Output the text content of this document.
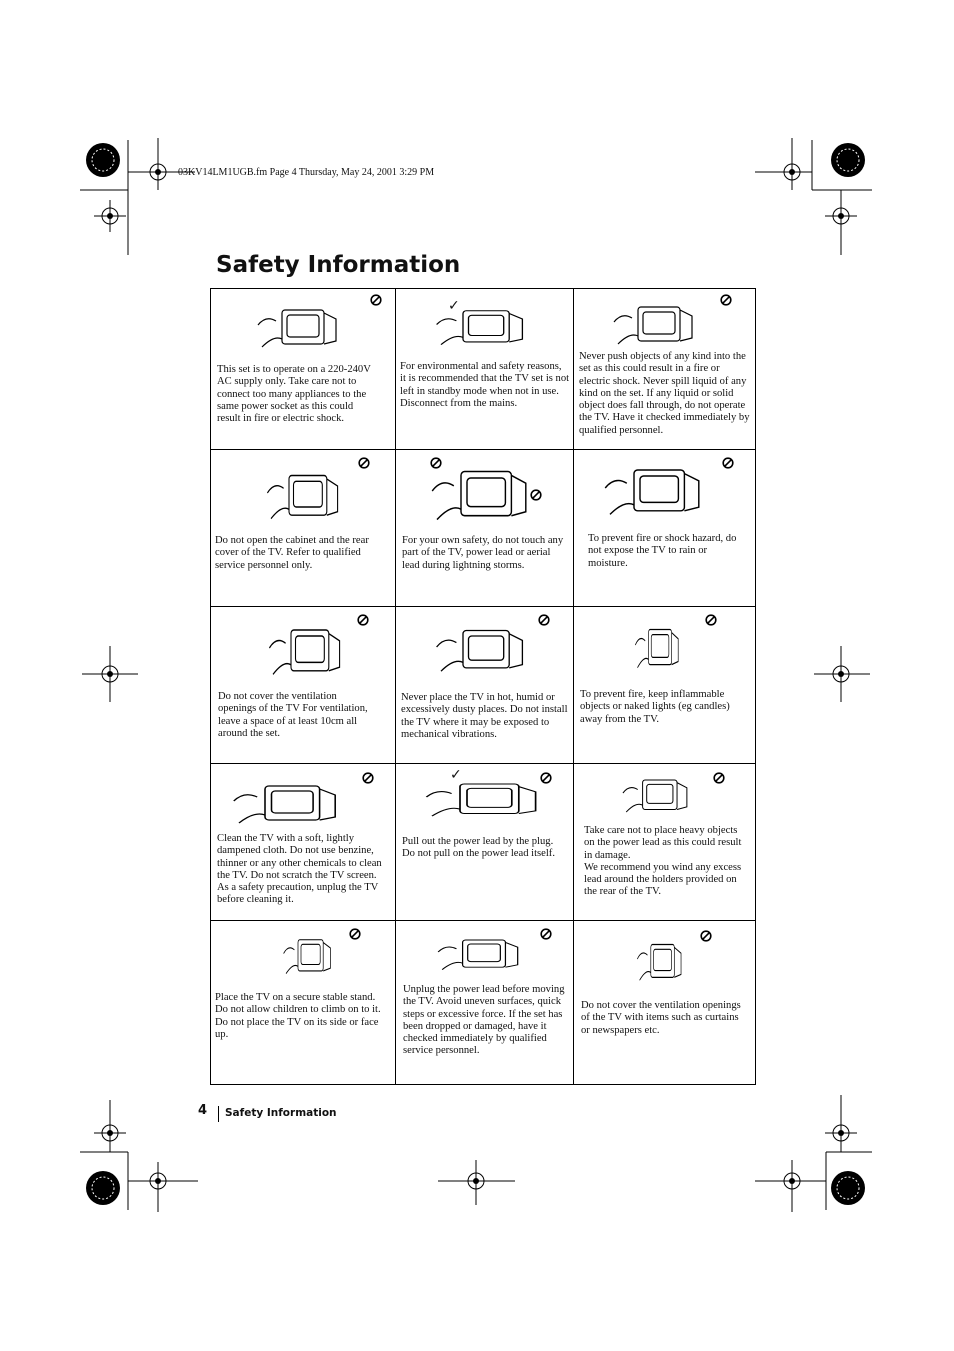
03KV14LM1UGB.fm Page 4 Thursday, May 24, 2001 3:29 PM
Safety Information
This set is to operate on a 220-240V AC supply only. Take care not to connect too many appliances to the same power socket as this could result in fire or electric shock.
✓
For environmental and safety reasons, it is recommended that the TV set is not left in standby mode when not in use. Disconnect from the mains.
Never push objects of any kind into the set as this could result in a fire or electric shock. Never spill liquid of any kind on the set. If any liquid or solid object does fall through, do not operate the TV. Have it checked immediately by qualified personnel.
Do not open the cabinet and the rear cover of the TV. Refer to qualified service personnel only.
For your own safety, do not touch any part of the TV, power lead or aerial lead during lightning storms.
To prevent fire or shock hazard, do not expose the TV to rain or moisture.
Do not cover the ventilation openings of the TV For ventilation, leave a space of at least 10cm all around the set.
Never place the TV in hot, humid or excessively dusty places. Do not install the TV where it may be exposed to mechanical vibrations.
To prevent fire, keep inflammable objects or naked lights (eg candles) away from the TV.
Clean the TV with a soft, lightly dampened cloth. Do not use benzine, thinner or any other chemicals to clean the TV. Do not scratch the TV screen. As a safety precaution, unplug the TV before cleaning it.
✓
Pull out the power lead by the plug. Do not pull on the power lead itself.
Take care not to place heavy objects on the power lead as this could result in damage.
We recommend you wind any excess lead around the holders provided on the rear of the TV.
Place the TV on a secure stable stand. Do not allow children to climb on to it. Do not place the TV on its side or face up.
Unplug the power lead before moving the TV. Avoid uneven surfaces, quick steps or excessive force. If the set has been dropped or damaged, have it checked immediately by qualified service personnel.
Do not cover the ventilation openings of the TV with items such as curtains or newspapers etc.
4 Safety Information
